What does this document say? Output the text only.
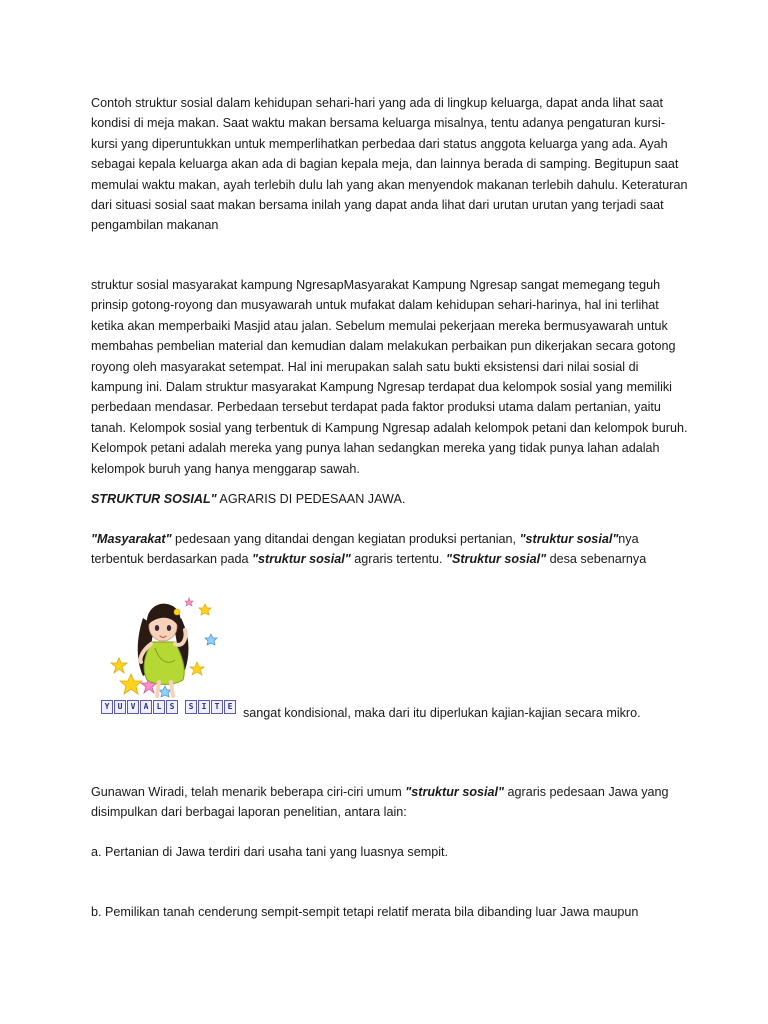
Contoh struktur sosial dalam kehidupan sehari-hari yang ada di lingkup keluarga, dapat anda lihat saat kondisi di meja makan. Saat waktu makan bersama keluarga misalnya, tentu adanya pengaturan kursi-kursi yang diperuntukkan untuk memperlihatkan perbedaa dari status anggota keluarga yang ada. Ayah sebagai kepala keluarga akan ada di bagian kepala meja, dan lainnya berada di samping. Begitupun saat memulai waktu makan, ayah terlebih dulu lah yang akan menyendok makanan terlebih dahulu. Keteraturan dari situasi sosial saat makan bersama inilah yang dapat anda lihat dari urutan urutan yang terjadi saat pengambilan makanan

struktur sosial masyarakat kampung NgresapMasyarakat Kampung Ngresap sangat memegang teguh prinsip gotong-royong dan musyawarah untuk mufakat dalam kehidupan sehari-harinya, hal ini terlihat ketika akan memperbaiki Masjid atau jalan. Sebelum memulai pekerjaan mereka bermusyawarah untuk membahas pembelian material dan kemudian dalam melakukan perbaikan pun dikerjakan secara gotong royong oleh masyarakat setempat. Hal ini merupakan salah satu bukti eksistensi dari nilai sosial di kampung ini. Dalam struktur masyarakat Kampung Ngresap terdapat dua kelompok sosial yang memiliki perbedaan mendasar. Perbedaan tersebut terdapat pada faktor produksi utama dalam pertanian, yaitu tanah. Kelompok sosial yang terbentuk di Kampung Ngresap adalah kelompok petani dan kelompok buruh. Kelompok petani adalah mereka yang punya lahan sedangkan mereka yang tidak punya lahan adalah kelompok buruh yang hanya menggarap sawah.

STRUKTUR SOSIAL" AGRARIS DI PEDESAAN JAWA.

"Masyarakat" pedesaan yang ditandai dengan kegiatan produksi pertanian, "struktur sosial"nya terbentuk berdasarkan pada "struktur sosial" agraris tertentu. "Struktur sosial" desa sebenarnya

Y	U	V	A	L	S	S	I	T	E sangat kondisional, maka dari itu diperlukan kajian-kajian secara mikro.

Gunawan Wiradi, telah menarik beberapa ciri-ciri umum "struktur sosial" agraris pedesaan Jawa yang disimpulkan dari berbagai laporan penelitian, antara lain:

a. Pertanian di Jawa terdiri dari usaha tani yang luasnya sempit.

b. Pemilikan tanah cenderung sempit-sempit tetapi relatif merata bila dibanding luar Jawa maupun
